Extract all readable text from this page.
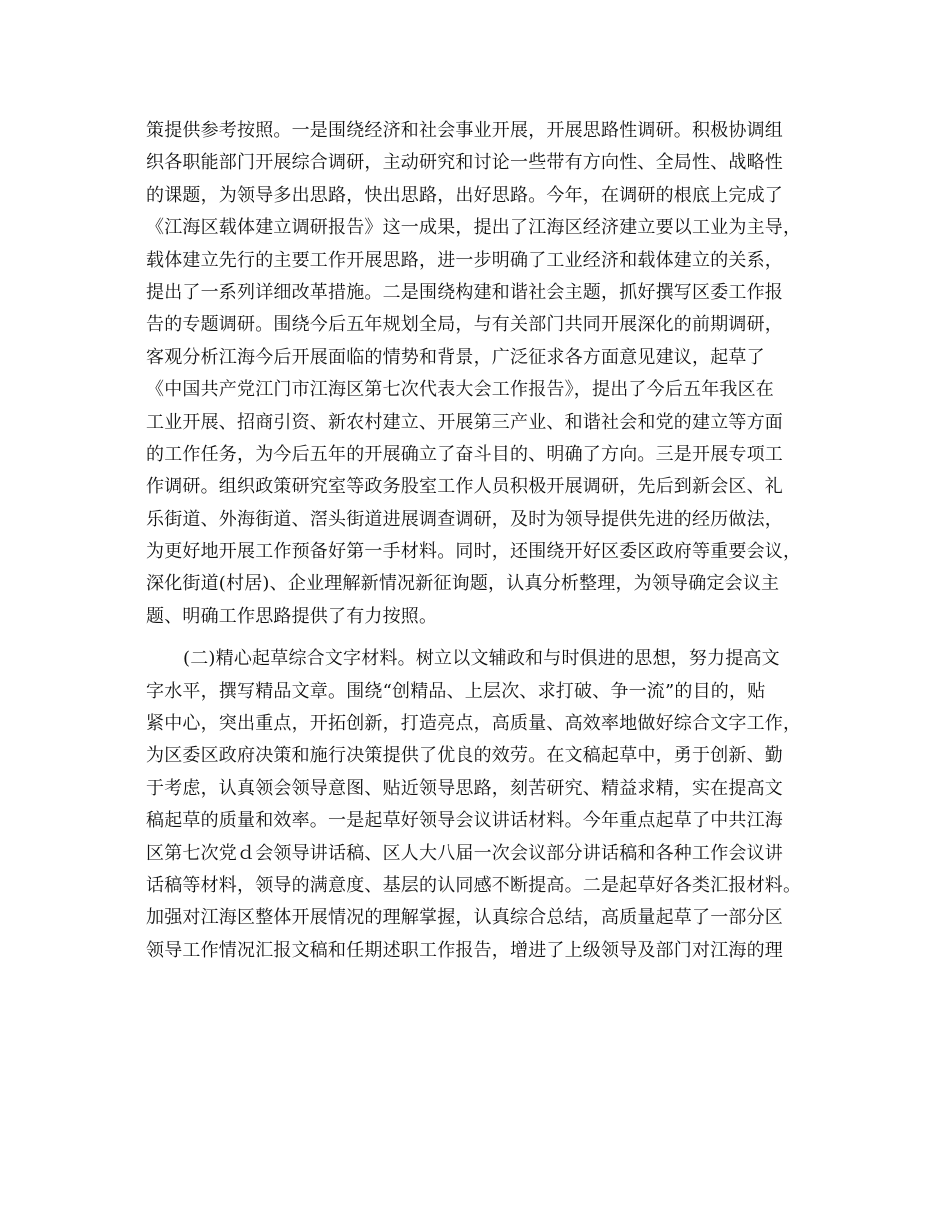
策提供参考按照。一是围绕经济和社会事业开展，开展思路性调研。积极协调组
织各职能部门开展综合调研，主动研究和讨论一些带有方向性、全局性、战略性
的课题，为领导多出思路，快出思路，出好思路。今年，在调研的根底上完成了
《江海区载体建立调研报告》这一成果，提出了江海区经济建立要以工业为主导，
载体建立先行的主要工作开展思路，进一步明确了工业经济和载体建立的关系，
提出了一系列详细改革措施。二是围绕构建和谐社会主题，抓好撰写区委工作报
告的专题调研。围绕今后五年规划全局，与有关部门共同开展深化的前期调研，
客观分析江海今后开展面临的情势和背景，广泛征求各方面意见建议，起草了
《中国共产党江门市江海区第七次代表大会工作报告》，提出了今后五年我区在
工业开展、招商引资、新农村建立、开展第三产业、和谐社会和党的建立等方面
的工作任务，为今后五年的开展确立了奋斗目的、明确了方向。三是开展专项工
作调研。组织政策研究室等政务股室工作人员积极开展调研，先后到新会区、礼
乐街道、外海街道、滘头街道进展调查调研，及时为领导提供先进的经历做法，
为更好地开展工作预备好第一手材料。同时，还围绕开好区委区政府等重要会议，
深化街道(村居)、企业理解新情况新征询题，认真分析整理，为领导确定会议主
题、明确工作思路提供了有力按照。
(二)精心起草综合文字材料。树立以文辅政和与时俱进的思想，努力提高文
字水平，撰写精品文章。围绕“创精品、上层次、求打破、争一流”的目的，贴
紧中心，突出重点，开拓创新，打造亮点，高质量、高效率地做好综合文字工作，
为区委区政府决策和施行决策提供了优良的效劳。在文稿起草中，勇于创新、勤
于考虑，认真领会领导意图、贴近领导思路，刻苦研究、精益求精，实在提高文
稿起草的质量和效率。一是起草好领导会议讲话材料。今年重点起草了中共江海
区第七次党ｄ会领导讲话稿、区人大八届一次会议部分讲话稿和各种工作会议讲
话稿等材料，领导的满意度、基层的认同感不断提高。二是起草好各类汇报材料。
加强对江海区整体开展情况的理解掌握，认真综合总结，高质量起草了一部分区
领导工作情况汇报文稿和任期述职工作报告，增进了上级领导及部门对江海的理
